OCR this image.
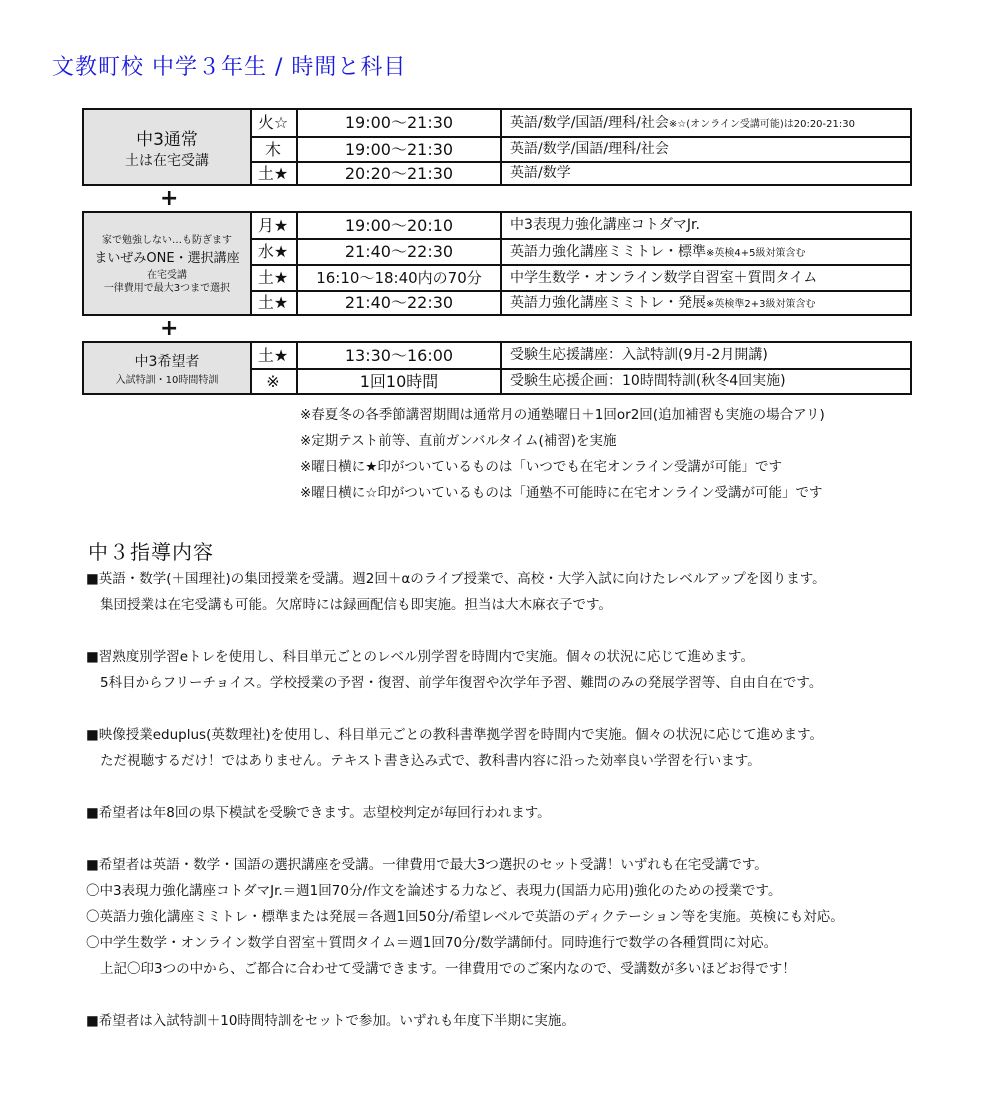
文教町校 中学３年生 / 時間と科目
中3通常
土は在宅受講
火☆	19:00〜21:30	英語/数学/国語/理科/社会※☆(オンライン受講可能)は20:20-21:30
木	19:00〜21:30	英語/数学/国語/理科/社会
土★	20:20〜21:30	英語/数学
+
家で勉強しない…も防ぎます
まいぜみONE・選択講座
在宅受講
一律費用で最大3つまで選択
月★	19:00〜20:10	中3表現力強化講座コトダマJr.
水★	21:40〜22:30	英語力強化講座ミミトレ・標準※英検4+5級対策含む
土★	16:10〜18:40内の70分	中学生数学・オンライン数学自習室＋質問タイム
土★	21:40〜22:30	英語力強化講座ミミトレ・発展※英検準2+3級対策含む
+
中3希望者
入試特訓・10時間特訓
土★	13:30〜16:00	受験生応援講座：入試特訓(9月-2月開講)
※	1回10時間	受験生応援企画：10時間特訓(秋冬4回実施)
※春夏冬の各季節講習期間は通常月の通塾曜日＋1回or2回(追加補習も実施の場合アリ)
※定期テスト前等、直前ガンバルタイム(補習)を実施
※曜日横に★印がついているものは「いつでも在宅オンライン受講が可能」です
※曜日横に☆印がついているものは「通塾不可能時に在宅オンライン受講が可能」です
中３指導内容
■英語・数学(＋国理社)の集団授業を受講。週2回＋αのライブ授業で、高校・大学入試に向けたレベルアップを図ります。
集団授業は在宅受講も可能。欠席時には録画配信も即実施。担当は大木麻衣子です。
■習熟度別学習eトレを使用し、科目単元ごとのレベル別学習を時間内で実施。個々の状況に応じて進めます。
5科目からフリーチョイス。学校授業の予習・復習、前学年復習や次学年予習、難問のみの発展学習等、自由自在です。
■映像授業eduplus(英数理社)を使用し、科目単元ごとの教科書準拠学習を時間内で実施。個々の状況に応じて進めます。
ただ視聴するだけ！ではありません。テキスト書き込み式で、教科書内容に沿った効率良い学習を行います。
■希望者は年8回の県下模試を受験できます。志望校判定が毎回行われます。
■希望者は英語・数学・国語の選択講座を受講。一律費用で最大3つ選択のセット受講！いずれも在宅受講です。
〇中3表現力強化講座コトダマJr.＝週1回70分/作文を論述する力など、表現力(国語力応用)強化のための授業です。
〇英語力強化講座ミミトレ・標準または発展＝各週1回50分/希望レベルで英語のディクテーション等を実施。英検にも対応。
〇中学生数学・オンライン数学自習室＋質問タイム＝週1回70分/数学講師付。同時進行で数学の各種質問に対応。
上記〇印3つの中から、ご都合に合わせて受講できます。一律費用でのご案内なので、受講数が多いほどお得です！
■希望者は入試特訓＋10時間特訓をセットで参加。いずれも年度下半期に実施。
